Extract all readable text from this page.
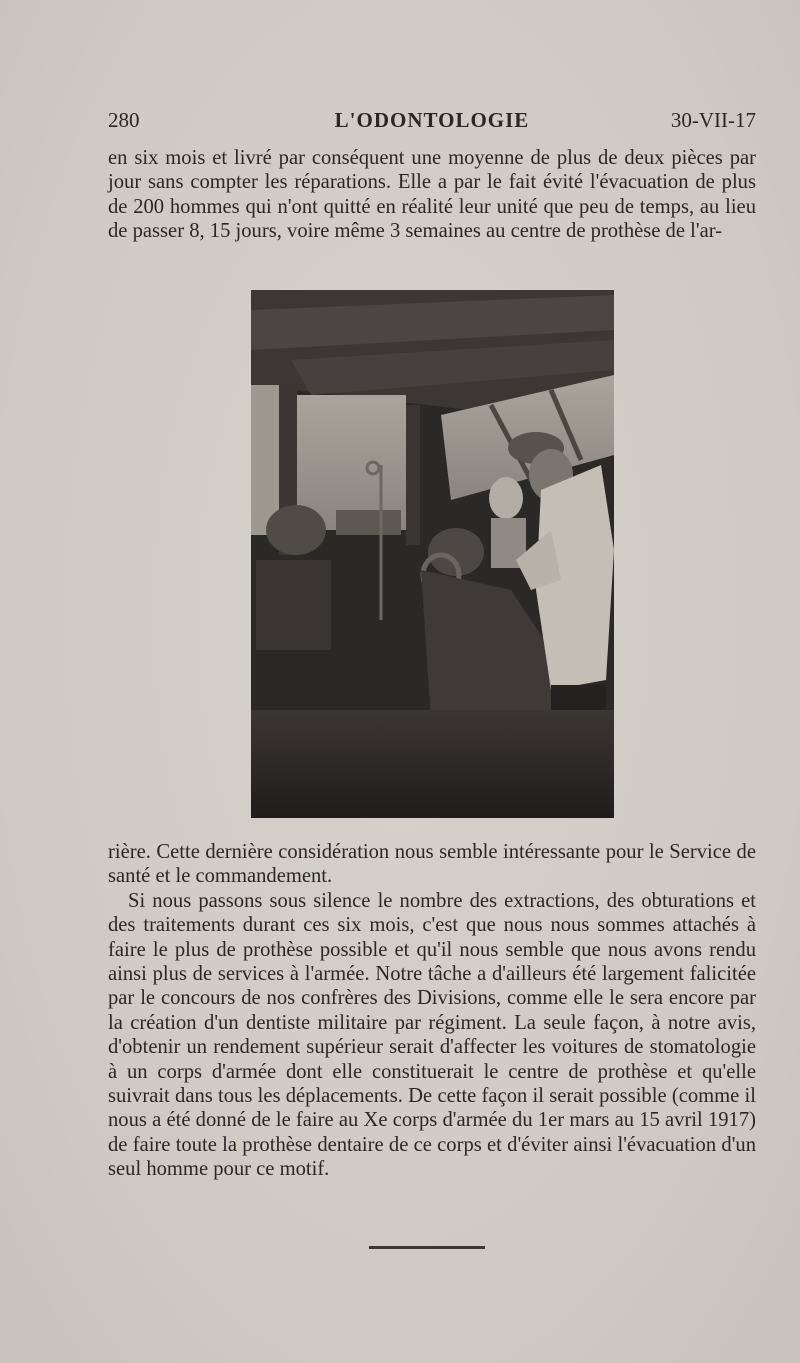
280	L'ODONTOLOGIE	30-VII-17

en six mois et livré par conséquent une moyenne de plus de deux pièces par jour sans compter les réparations. Elle a par le fait évité l'évacuation de plus de 200 hommes qui n'ont quitté en réalité leur unité que peu de temps, au lieu de passer 8, 15 jours, voire même 3 semaines au centre de prothèse de l'ar-

rière. Cette dernière considération nous semble intéressante pour le Service de santé et le commandement.

Si nous passons sous silence le nombre des extractions, des obturations et des traitements durant ces six mois, c'est que nous nous sommes attachés à faire le plus de prothèse possible et qu'il nous semble que nous avons rendu ainsi plus de services à l'armée. Notre tâche a d'ailleurs été largement falicitée par le concours de nos confrères des Divisions, comme elle le sera encore par la création d'un dentiste militaire par régiment. La seule façon, à notre avis, d'obtenir un rendement supérieur serait d'affecter les voitures de stomatologie à un corps d'armée dont elle constituerait le centre de prothèse et qu'elle suivrait dans tous les déplacements. De cette façon il serait possible (comme il nous a été donné de le faire au Xe corps d'armée du 1er mars au 15 avril 1917) de faire toute la prothèse dentaire de ce corps et d'éviter ainsi l'évacuation d'un seul homme pour ce motif.
